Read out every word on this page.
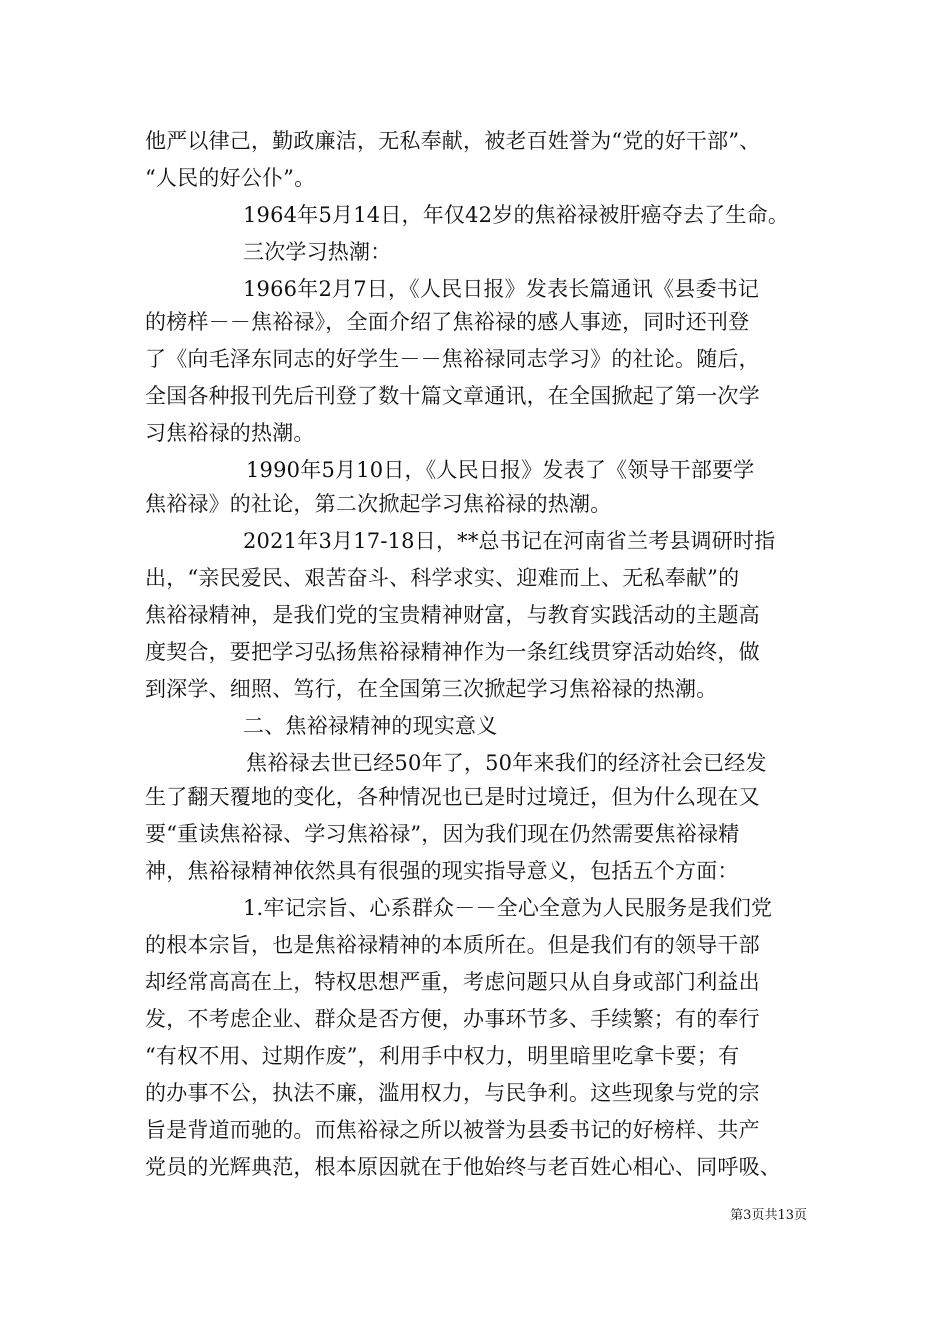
他严以律己，勤政廉洁，无私奉献，被老百姓誉为“党的好干部”、
“人民的好公仆”。
1964年5月14日，年仅42岁的焦裕禄被肝癌夺去了生命。
三次学习热潮：
1966年2月7日，《人民日报》发表长篇通讯《县委书记
的榜样－－焦裕禄》，全面介绍了焦裕禄的感人事迹，同时还刊登
了《向毛泽东同志的好学生－－焦裕禄同志学习》的社论。随后，
全国各种报刊先后刊登了数十篇文章通讯，在全国掀起了第一次学
习焦裕禄的热潮。
1990年5月10日，《人民日报》发表了《领导干部要学
焦裕禄》的社论，第二次掀起学习焦裕禄的热潮。
2021年3月17-18日，**总书记在河南省兰考县调研时指
出，“亲民爱民、艰苦奋斗、科学求实、迎难而上、无私奉献”的
焦裕禄精神，是我们党的宝贵精神财富，与教育实践活动的主题高
度契合，要把学习弘扬焦裕禄精神作为一条红线贯穿活动始终，做
到深学、细照、笃行，在全国第三次掀起学习焦裕禄的热潮。
二、焦裕禄精神的现实意义
焦裕禄去世已经50年了，50年来我们的经济社会已经发
生了翻天覆地的变化，各种情况也已是时过境迁，但为什么现在又
要“重读焦裕禄、学习焦裕禄”，因为我们现在仍然需要焦裕禄精
神，焦裕禄精神依然具有很强的现实指导意义，包括五个方面：
1.牢记宗旨、心系群众－－全心全意为人民服务是我们党
的根本宗旨，也是焦裕禄精神的本质所在。但是我们有的领导干部
却经常高高在上，特权思想严重，考虑问题只从自身或部门利益出
发，不考虑企业、群众是否方便，办事环节多、手续繁；有的奉行
“有权不用、过期作废”，利用手中权力，明里暗里吃拿卡要；有
的办事不公，执法不廉，滥用权力，与民争利。这些现象与党的宗
旨是背道而驰的。而焦裕禄之所以被誉为县委书记的好榜样、共产
党员的光辉典范，根本原因就在于他始终与老百姓心相心、同呼吸、
第3页共13页
